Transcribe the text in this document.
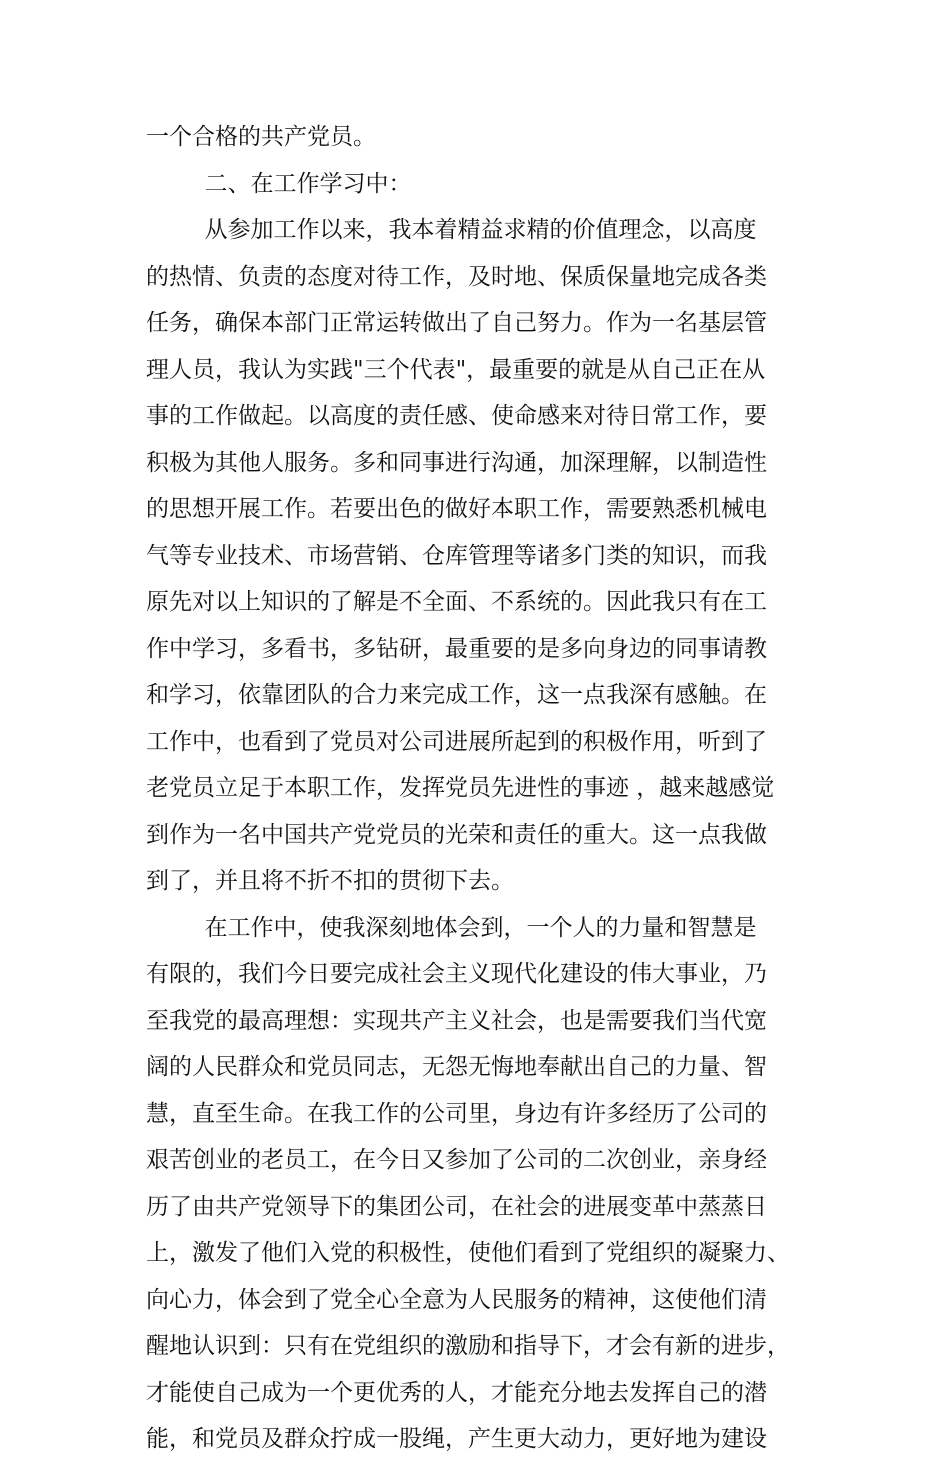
一个合格的共产党员。
二、在工作学习中：
从参加工作以来，我本着精益求精的价值理念，以高度
的热情、负责的态度对待工作，及时地、保质保量地完成各类
任务，确保本部门正常运转做出了自己努力。作为一名基层管
理人员，我认为实践"三个代表"，最重要的就是从自己正在从
事的工作做起。以高度的责任感、使命感来对待日常工作，要
积极为其他人服务。多和同事进行沟通，加深理解，以制造性
的思想开展工作。若要出色的做好本职工作，需要熟悉机械电
气等专业技术、市场营销、仓库管理等诸多门类的知识，而我
原先对以上知识的了解是不全面、不系统的。因此我只有在工
作中学习，多看书，多钻研，最重要的是多向身边的同事请教
和学习，依靠团队的合力来完成工作，这一点我深有感触。在
工作中，也看到了党员对公司进展所起到的积极作用，听到了
老党员立足于本职工作，发挥党员先进性的事迹 ，越来越感觉
到作为一名中国共产党党员的光荣和责任的重大。这一点我做
到了，并且将不折不扣的贯彻下去。
在工作中，使我深刻地体会到，一个人的力量和智慧是
有限的，我们今日要完成社会主义现代化建设的伟大事业，乃
至我党的最高理想：实现共产主义社会，也是需要我们当代宽
阔的人民群众和党员同志，无怨无悔地奉献出自己的力量、智
慧，直至生命。在我工作的公司里，身边有许多经历了公司的
艰苦创业的老员工，在今日又参加了公司的二次创业，亲身经
历了由共产党领导下的集团公司，在社会的进展变革中蒸蒸日
上，激发了他们入党的积极性，使他们看到了党组织的凝聚力、
向心力，体会到了党全心全意为人民服务的精神，这使他们清
醒地认识到：只有在党组织的激励和指导下，才会有新的进步，
才能使自己成为一个更优秀的人，才能充分地去发挥自己的潜
能，和党员及群众拧成一股绳，产生更大动力，更好地为建设
